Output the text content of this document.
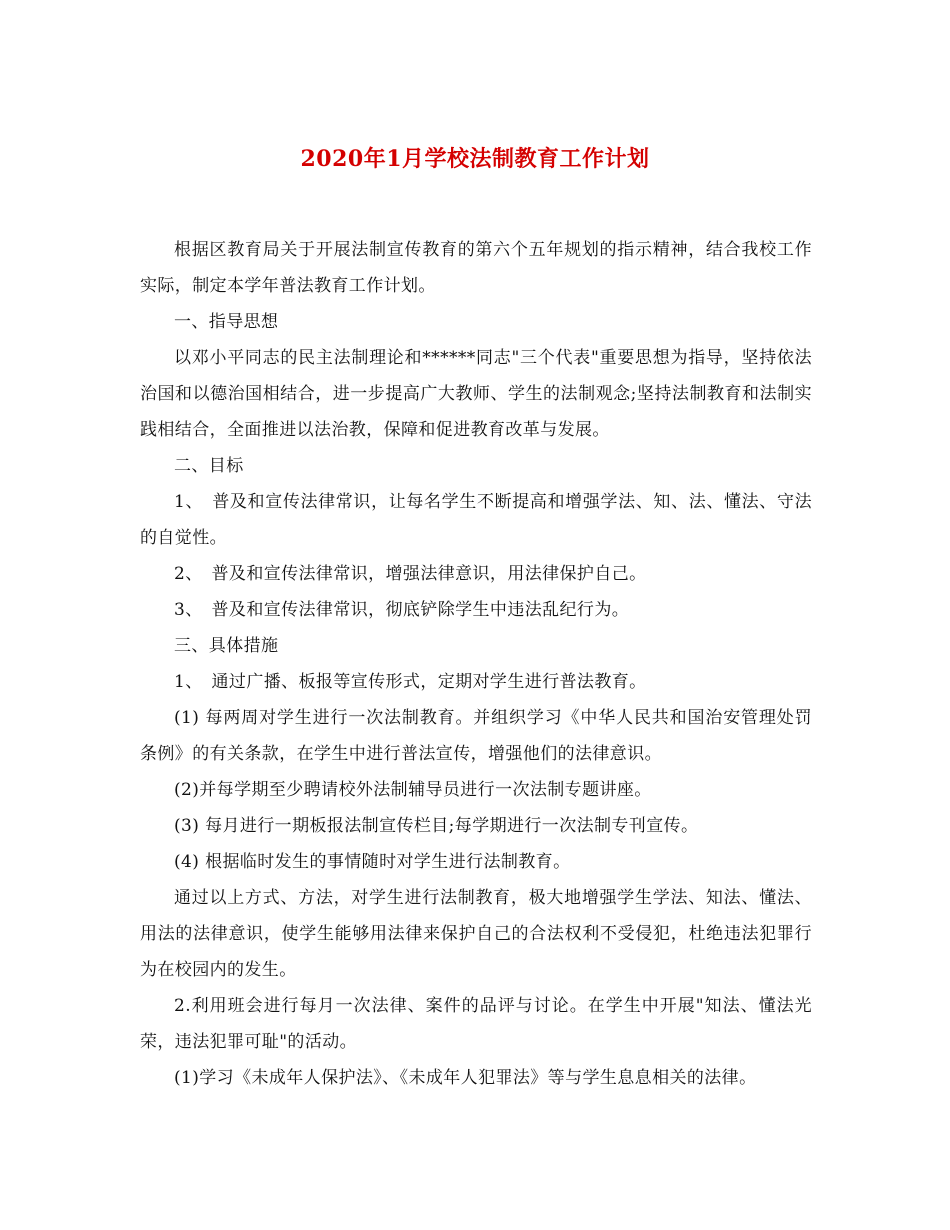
2020年1月学校法制教育工作计划

根据区教育局关于开展法制宣传教育的第六个五年规划的指示精神，结合我校工作实际，制定本学年普法教育工作计划。

一、指导思想

以邓小平同志的民主法制理论和******同志"三个代表"重要思想为指导，坚持依法治国和以德治国相结合，进一步提高广大教师、学生的法制观念;坚持法制教育和法制实践相结合，全面推进以法治教，保障和促进教育改革与发展。

二、目标

1、　普及和宣传法律常识，让每名学生不断提高和增强学法、知、法、懂法、守法的自觉性。

2、　普及和宣传法律常识，增强法律意识，用法律保护自己。

3、　普及和宣传法律常识，彻底铲除学生中违法乱纪行为。

三、具体措施

1、　通过广播、板报等宣传形式，定期对学生进行普法教育。

(1) 每两周对学生进行一次法制教育。并组织学习《中华人民共和国治安管理处罚条例》的有关条款，在学生中进行普法宣传，增强他们的法律意识。

(2)并每学期至少聘请校外法制辅导员进行一次法制专题讲座。

(3) 每月进行一期板报法制宣传栏目;每学期进行一次法制专刊宣传。

(4) 根据临时发生的事情随时对学生进行法制教育。

通过以上方式、方法，对学生进行法制教育，极大地增强学生学法、知法、懂法、用法的法律意识，使学生能够用法律来保护自己的合法权利不受侵犯，杜绝违法犯罪行为在校园内的发生。

2.利用班会进行每月一次法律、案件的品评与讨论。在学生中开展"知法、懂法光荣，违法犯罪可耻"的活动。

(1)学习《未成年人保护法》、《未成年人犯罪法》等与学生息息相关的法律。
